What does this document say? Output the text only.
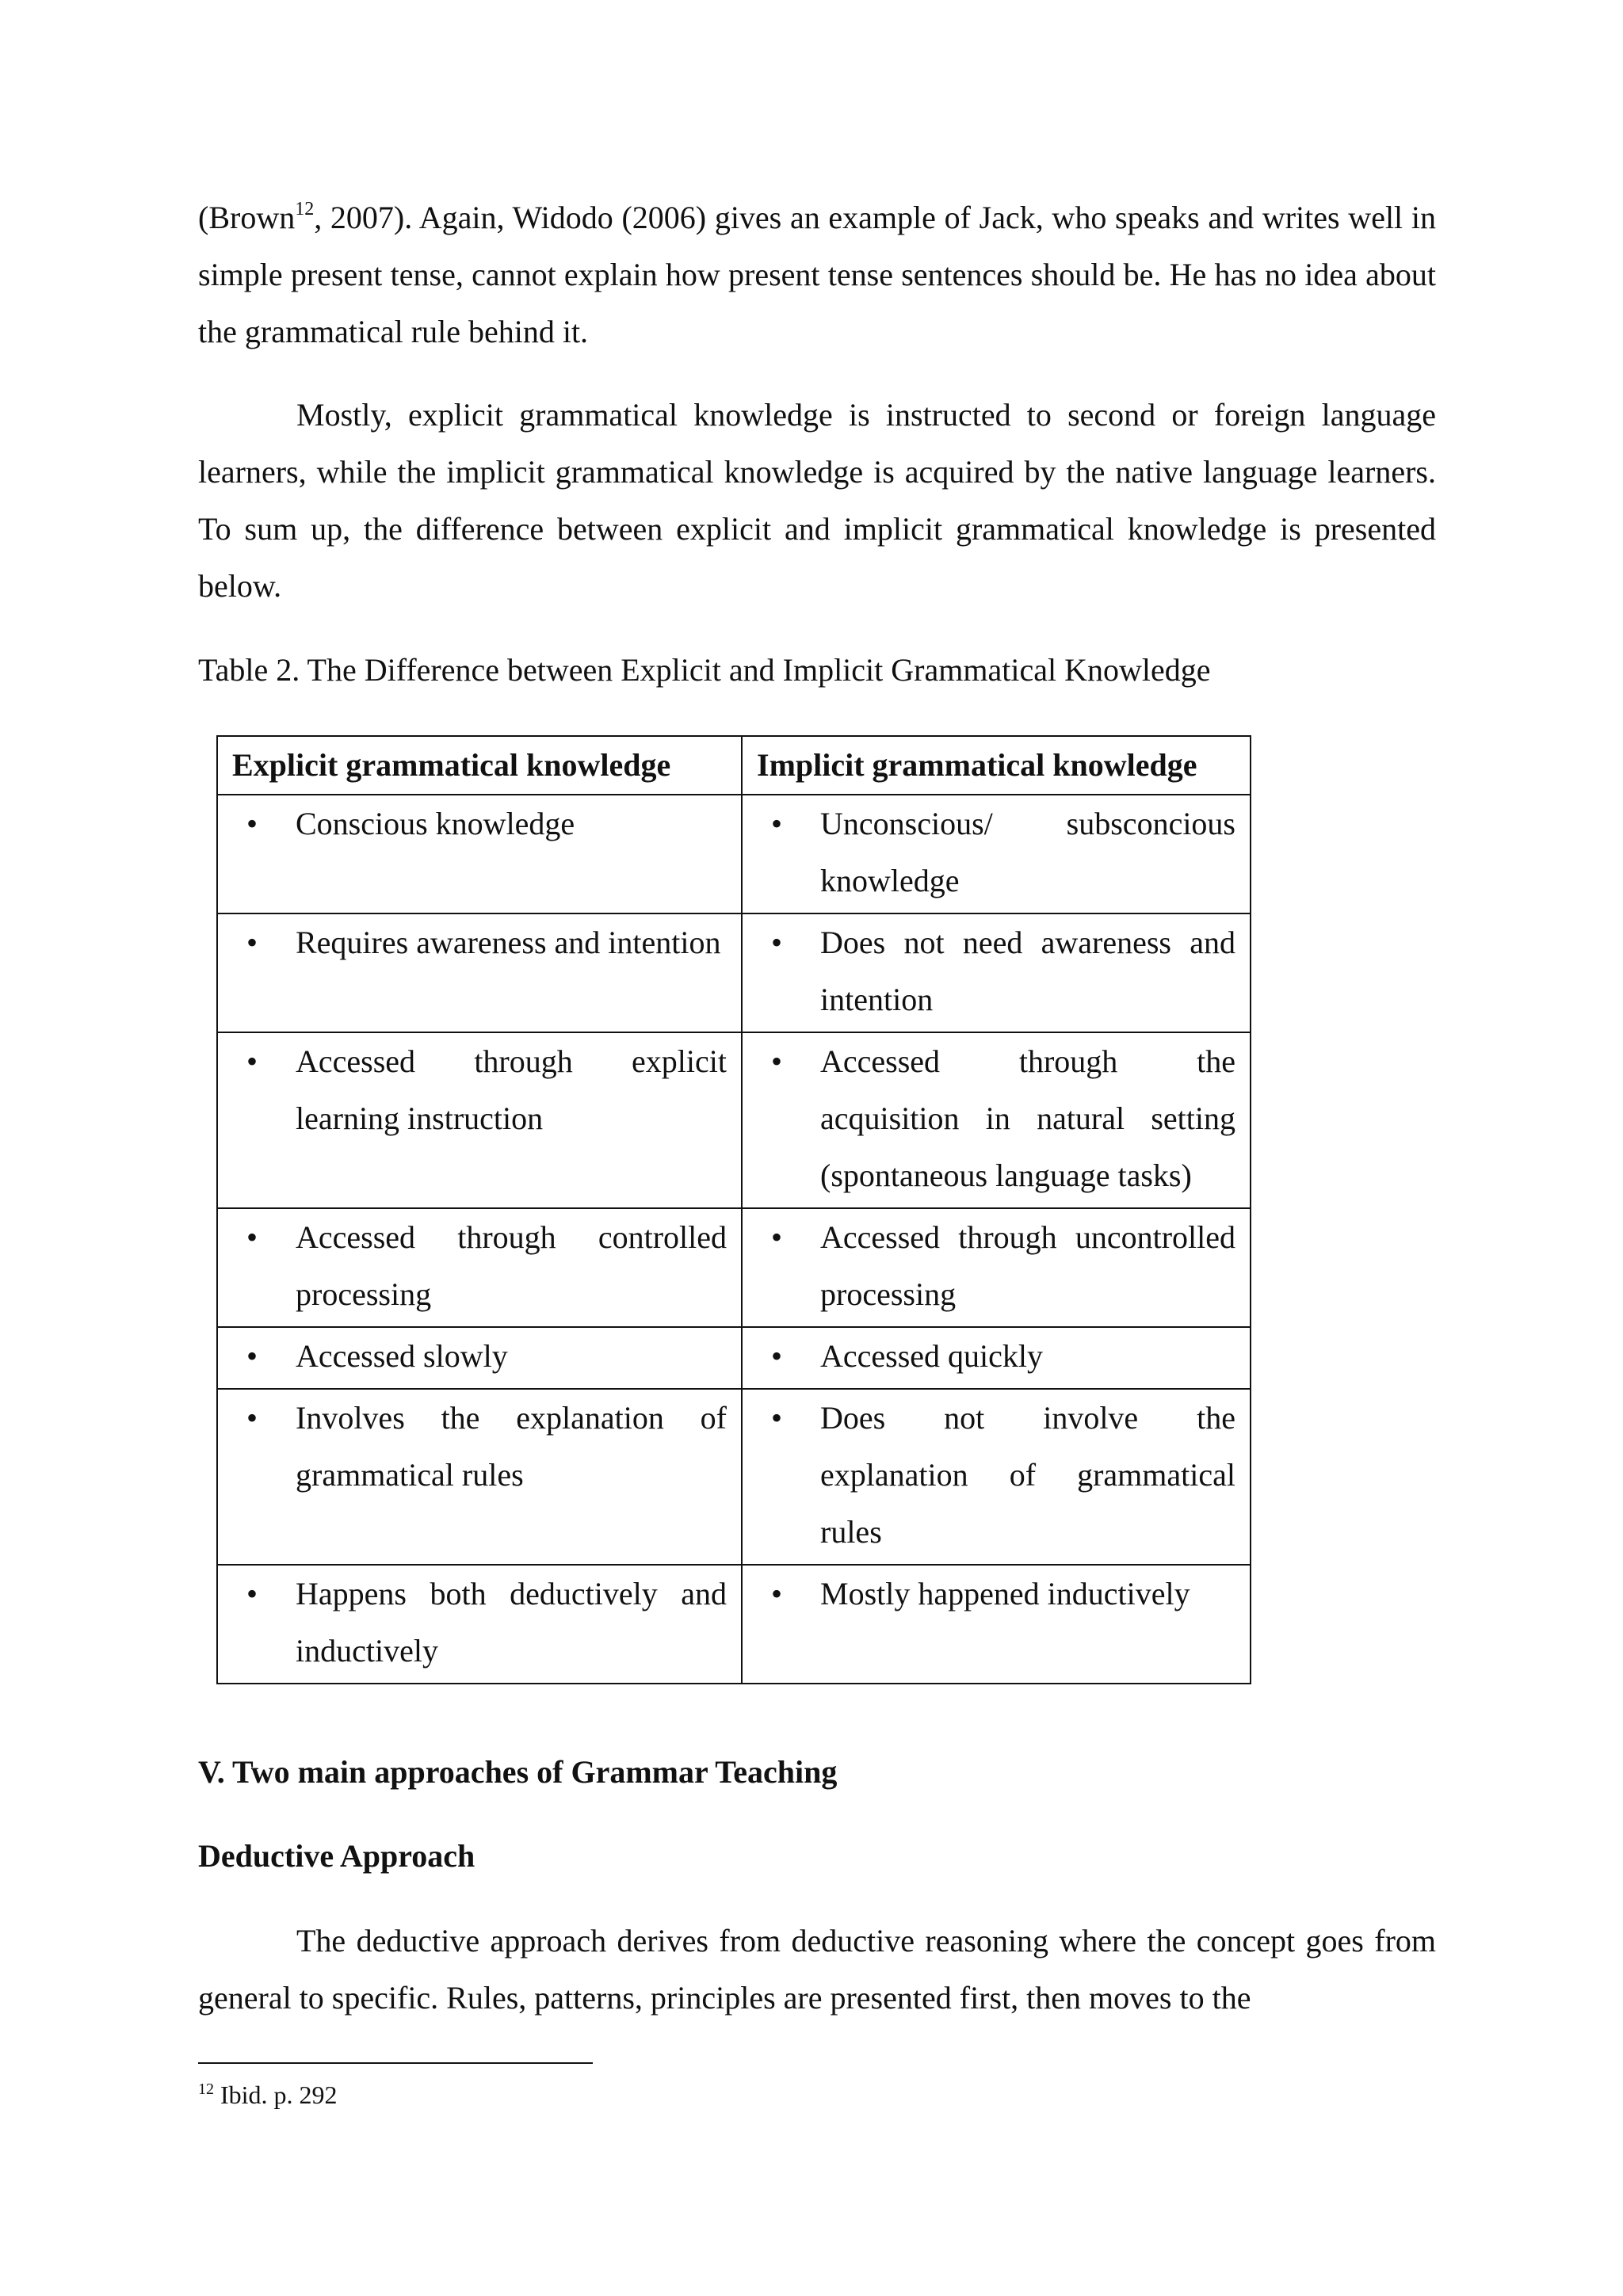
(Brown$^{12}$, 2007). Again, Widodo (2006) gives an example of Jack, who speaks and writes well in simple present tense, cannot explain how present tense sentences should be. He has no idea about the grammatical rule behind it.

Mostly, explicit grammatical knowledge is instructed to second or foreign language learners, while the implicit grammatical knowledge is acquired by the native language learners. To sum up, the difference between explicit and implicit grammatical knowledge is presented below.

Table 2. The Difference between Explicit and Implicit Grammatical Knowledge

Explicit grammatical knowledge	Implicit grammatical knowledge

• Conscious knowledge	• Unconscious/ subsconcious knowledge

• Requires awareness and intention	• Does not need awareness and intention

• Accessed through explicit learning instruction	• Accessed through the acquisition in natural setting (spontaneous language tasks)

• Accessed through controlled processing	• Accessed through uncontrolled processing

• Accessed slowly	• Accessed quickly

• Involves the explanation of grammatical rules	• Does not involve the explanation of grammatical rules

• Happens both deductively and inductively	• Mostly happened inductively

V. Two main approaches of Grammar Teaching

Deductive Approach

The deductive approach derives from deductive reasoning where the concept goes from general to specific. Rules, patterns, principles are presented first, then moves to the

$^{12}$ Ibid. p. 292
